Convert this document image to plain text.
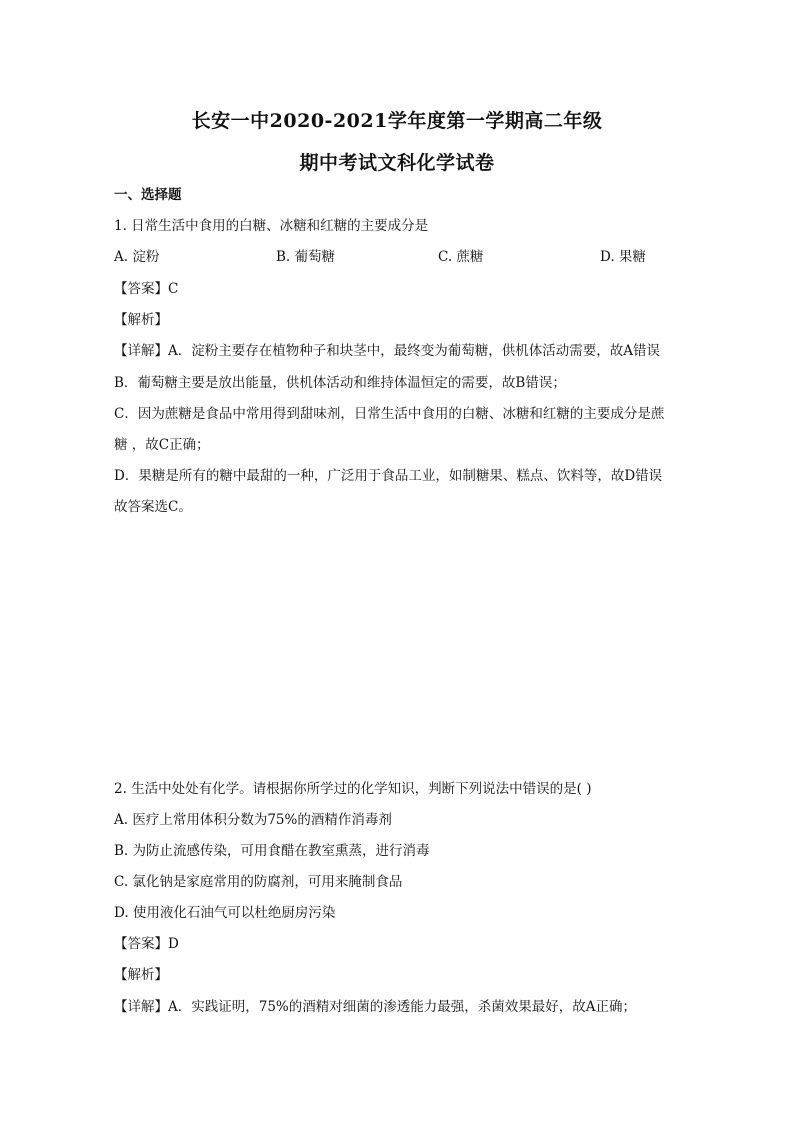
长安一中2020-2021学年度第一学期高二年级
期中考试文科化学试卷
一、选择题
1. 日常生活中食用的白糖、冰糖和红糖的主要成分是
A. 淀粉	B. 葡萄糖	C. 蔗糖	D. 果糖
【答案】C
【解析】
【详解】A．淀粉主要存在植物种子和块茎中，最终变为葡萄糖，供机体活动需要，故A错误
B．葡萄糖主要是放出能量，供机体活动和维持体温恒定的需要，故B错误；
C．因为蔗糖是食品中常用得到甜味剂，日常生活中食用的白糖、冰糖和红糖的主要成分是蔗
糖 ，故C正确；
D．果糖是所有的糖中最甜的一种，广泛用于食品工业，如制糖果、糕点、饮料等，故D错误
故答案选C。
2. 生活中处处有化学。请根据你所学过的化学知识，判断下列说法中错误的是( )
A. 医疗上常用体积分数为75%的酒精作消毒剂
B. 为防止流感传染，可用食醋在教室熏蒸，进行消毒
C. 氯化钠是家庭常用的防腐剂，可用来腌制食品
D. 使用液化石油气可以杜绝厨房污染
【答案】D
【解析】
【详解】A．实践证明，75%的酒精对细菌的渗透能力最强，杀菌效果最好，故A正确；
